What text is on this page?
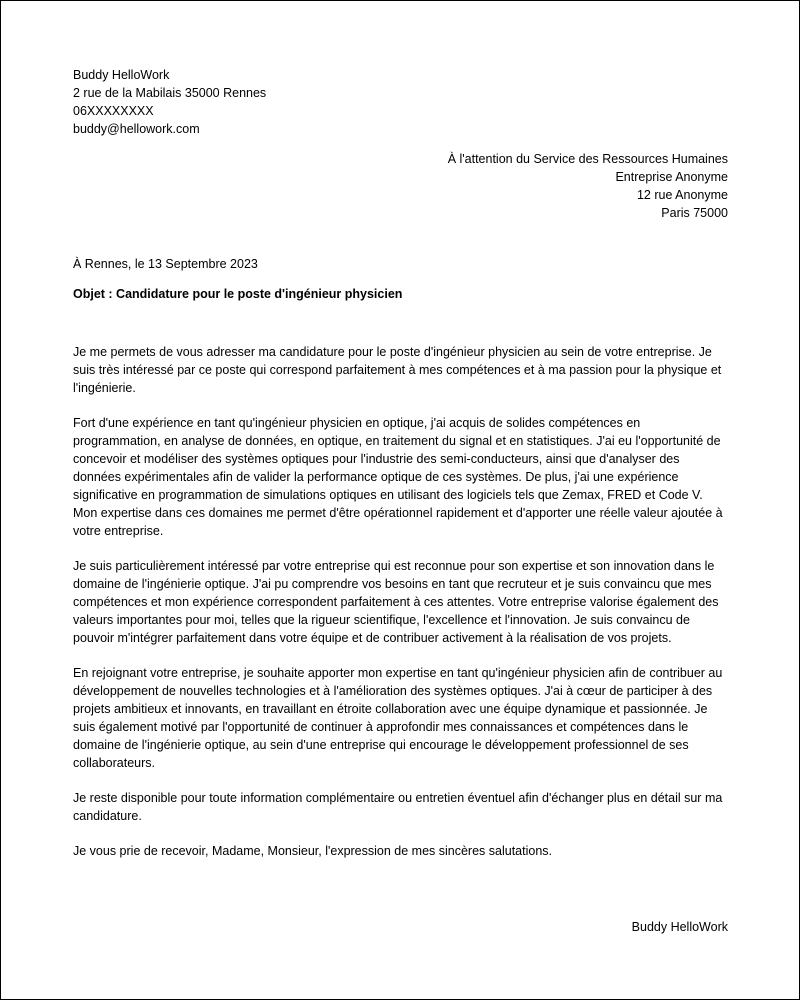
Buddy HelloWork
2 rue de la Mabilais 35000 Rennes
06XXXXXXXX
buddy@hellowork.com
À l'attention du Service des Ressources Humaines
Entreprise Anonyme
12 rue Anonyme
Paris 75000
À Rennes, le 13 Septembre 2023
Objet : Candidature pour le poste d'ingénieur physicien

Je me permets de vous adresser ma candidature pour le poste d'ingénieur physicien au sein de votre entreprise. Je suis très intéressé par ce poste qui correspond parfaitement à mes compétences et à ma passion pour la physique et l'ingénierie.

Fort d'une expérience en tant qu'ingénieur physicien en optique, j'ai acquis de solides compétences en programmation, en analyse de données, en optique, en traitement du signal et en statistiques. J'ai eu l'opportunité de concevoir et modéliser des systèmes optiques pour l'industrie des semi-conducteurs, ainsi que d'analyser des données expérimentales afin de valider la performance optique de ces systèmes. De plus, j'ai une expérience significative en programmation de simulations optiques en utilisant des logiciels tels que Zemax, FRED et Code V. Mon expertise dans ces domaines me permet d'être opérationnel rapidement et d'apporter une réelle valeur ajoutée à votre entreprise.

Je suis particulièrement intéressé par votre entreprise qui est reconnue pour son expertise et son innovation dans le domaine de l'ingénierie optique. J'ai pu comprendre vos besoins en tant que recruteur et je suis convaincu que mes compétences et mon expérience correspondent parfaitement à ces attentes. Votre entreprise valorise également des valeurs importantes pour moi, telles que la rigueur scientifique, l'excellence et l'innovation. Je suis convaincu de pouvoir m'intégrer parfaitement dans votre équipe et de contribuer activement à la réalisation de vos projets.

En rejoignant votre entreprise, je souhaite apporter mon expertise en tant qu'ingénieur physicien afin de contribuer au développement de nouvelles technologies et à l'amélioration des systèmes optiques. J'ai à cœur de participer à des projets ambitieux et innovants, en travaillant en étroite collaboration avec une équipe dynamique et passionnée. Je suis également motivé par l'opportunité de continuer à approfondir mes connaissances et compétences dans le domaine de l'ingénierie optique, au sein d'une entreprise qui encourage le développement professionnel de ses collaborateurs.

Je reste disponible pour toute information complémentaire ou entretien éventuel afin d'échanger plus en détail sur ma candidature.

Je vous prie de recevoir, Madame, Monsieur, l'expression de mes sincères salutations.

Buddy HelloWork
